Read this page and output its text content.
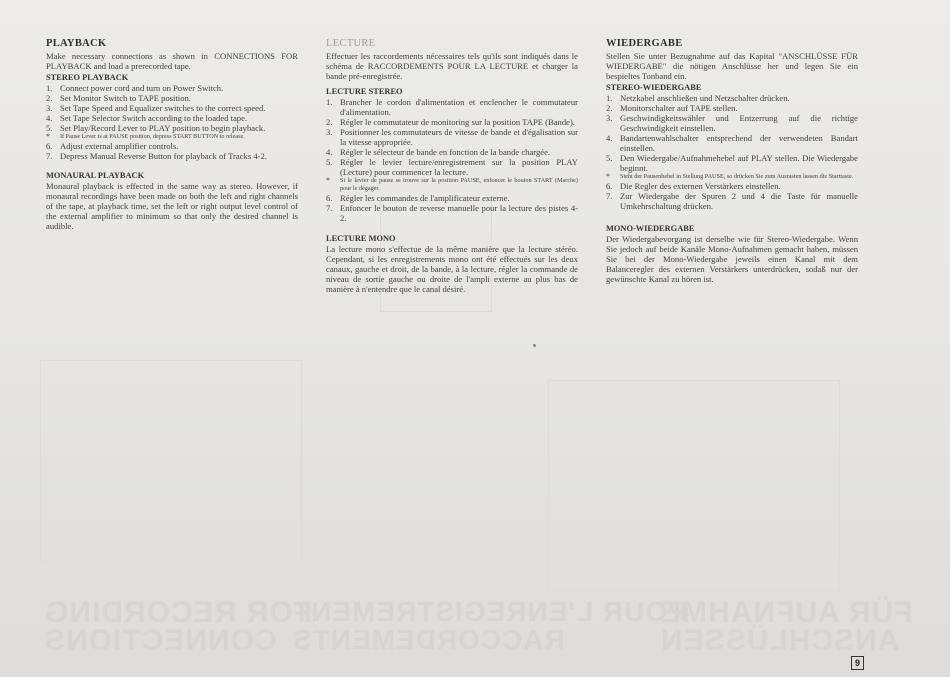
FOR RECORDING
CONNECTIONS
POUR L'ENREGISTREMENT
RACCORDEMENTS
FÜR AUFNAHME
ANSCHLÜSSEN
PLAYBACK

Make necessary connections as shown in CONNECTIONS FOR PLAYBACK and load a prerecorded tape.

STEREO PLAYBACK
1. Connect power cord and turn on Power Switch.
2. Set Monitor Switch to TAPE position.
3. Set Tape Speed and Equalizer switches to the correct speed.
4. Set Tape Selector Switch according to the loaded tape.
5. Set Play/Record Lever to PLAY position to begin playback.
* If Pause Lever is at PAUSE position, depress START BUTTON to release.
6. Adjust external amplifier controls.
7. Depress Manual Reverse Button for playback of Tracks 4-2.
MONAURAL PLAYBACK

Monaural playback is effected in the same way as stereo. However, if monaural recordings have been made on both the left and right channels of the tape, at playback time, set the left or right output level control of the external amplifier to minimum so that only the desired channel is audible.

LECTURE

Effectuer les raccordements nécessaires tels qu'ils sont indiqués dans le schéma de RACCORDEMENTS POUR LA LECTURE et charger la bande pré-enregistrée.

LECTURE STEREO
1. Brancher le cordon d'alimentation et enclencher le commutateur d'alimentation.
2. Régler le commutateur de monitoring sur la position TAPE (Bande).
3. Positionner les commutateurs de vitesse de bande et d'égalisation sur la vitesse appropriée.
4. Régler le sélecteur de bande en fonction de la bande chargée.
5. Régler le levier lecture/enregistrement sur la position PLAY (Lecture) pour commencer la lecture.
* Si le levier de pause se trouve sur la position PAUSE, enfoncer le bouton START (Marche) pour le dégager.
6. Régler les commandes de l'amplificateur externe.
7. Enfoncer le bouton de reverse manuelle pour la lecture des pistes 4-2.
LECTURE MONO

La lecture mono s'effectue de la même manière que la lecture stéréo. Cependant, si les enregistrements mono ont été effectués sur les deux canaux, gauche et droit, de la bande, à la lecture, régler la commande de niveau de sortie gauche ou droite de l'ampli externe au plus bas de manière à n'entendre que le canal désiré.

WIEDERGABE

Stellen Sie unter Bezugnahme auf das Kapital "ANSCHLÜSSE FÜR WIEDERGABE" die nötigen Anschlüsse her und legen Sie ein bespieltes Tonband ein.

STEREO-WIEDERGABE
1. Netzkabel anschließen und Netzschalter drücken.
2. Monitorschalter auf TAPE stellen.
3. Geschwindigkeitswähler und Entzerrung auf die richtige Geschwindigkeit einstellen.
4. Bandartenwahlschalter entsprechend der verwendeten Bandart einstellen.
5. Den Wiedergabe/Aufnahmehebel auf PLAY stellen. Die Wiedergabe beginnt.
* Steht der Pausenhebel in Stellung PAUSE, so drücken Sie zum Ausrasten lassen die Starttaste.
6. Die Regler des externen Verstärkers einstellen.
7. Zur Wiedergabe der Spuren 2 und 4 die Taste für manuelle Umkehrschaltung drücken.
MONO-WIEDERGABE

Der Wiedergabevorgang ist derselbe wie für Stereo-Wiedergabe. Wenn Sie jedoch auf beide Kanäle Mono-Aufnahmen gemacht haben, müssen Sie bei der Mono-Wiedergabe jeweils einen Kanal mit dem Balanceregler des externen Verstärkers unterdrücken, sodaß nur der gewünschte Kanal zu hören ist.

9
